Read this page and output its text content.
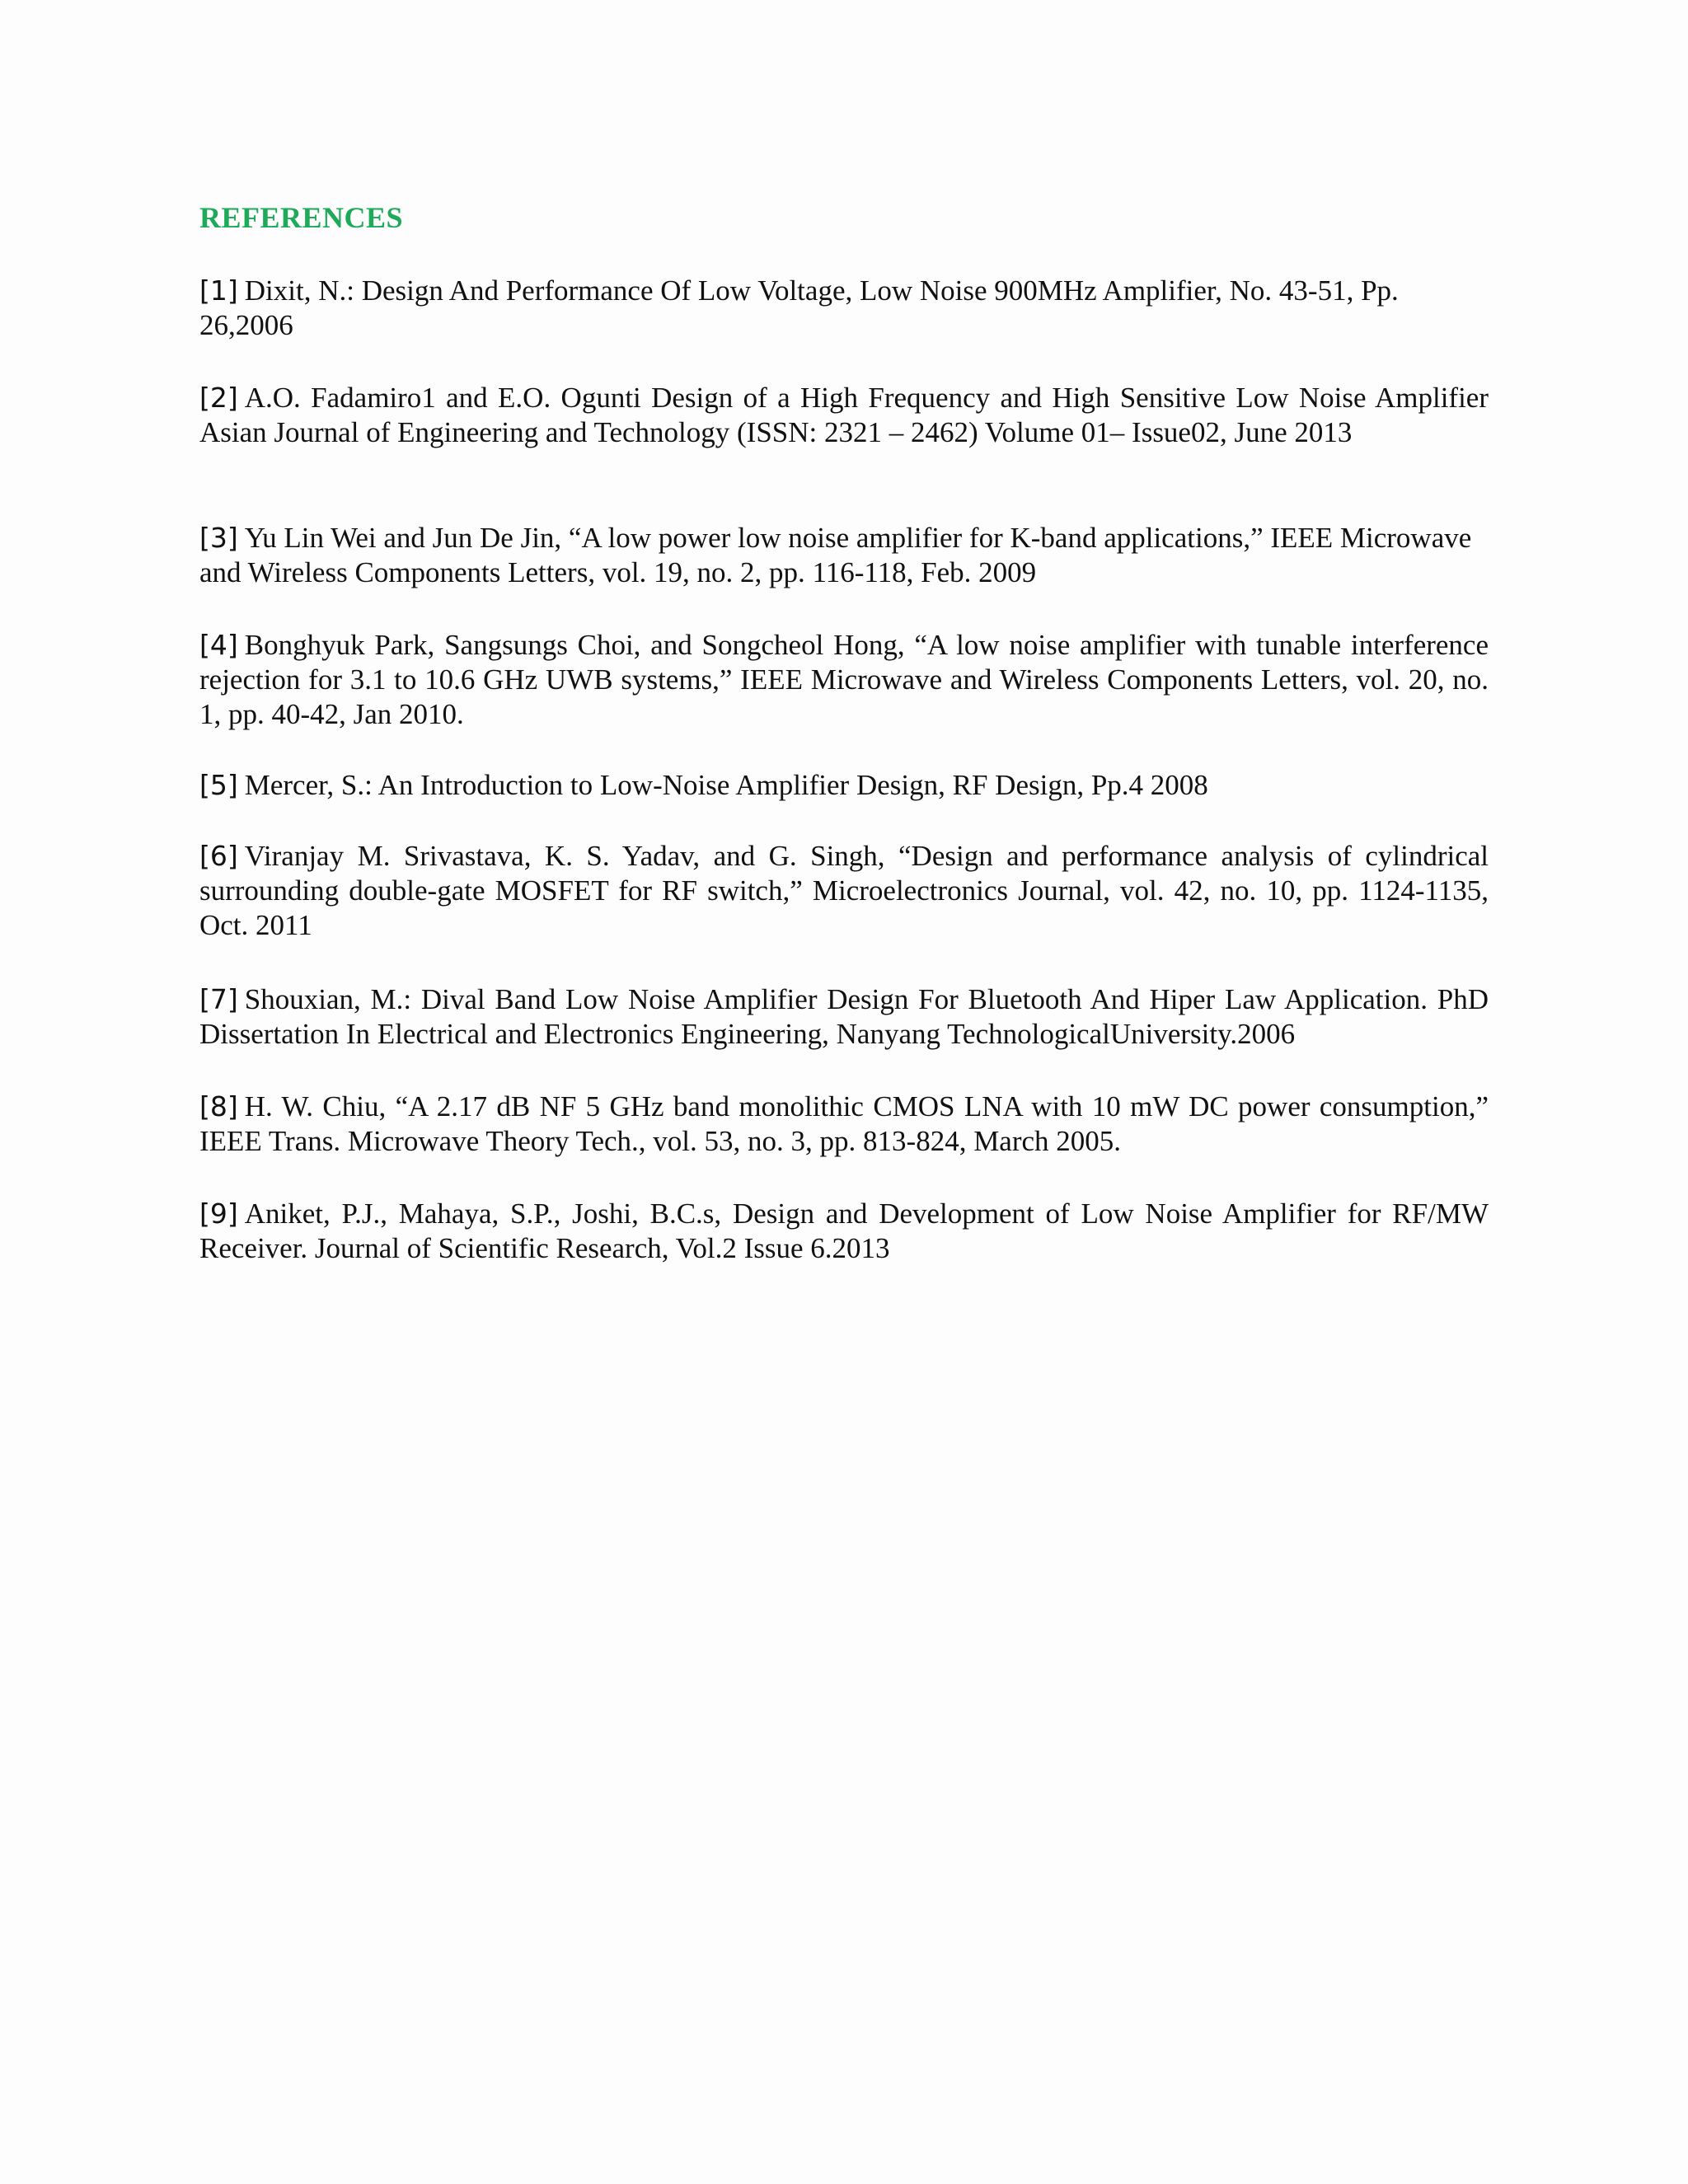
REFERENCES
[1] Dixit, N.: Design And Performance Of Low Voltage, Low Noise 900MHz Amplifier, No. 43-51, Pp. 26,2006
[2] A.O. Fadamiro1 and E.O. Ogunti Design of a High Frequency and High Sensitive Low Noise Amplifier Asian Journal of Engineering and Technology (ISSN: 2321 – 2462) Volume 01– Issue02, June 2013
[3] Yu Lin Wei and Jun De Jin, “A low power low noise amplifier for K-band applications,” IEEE Microwave and Wireless Components Letters, vol. 19, no. 2, pp. 116-118, Feb. 2009
[4] Bonghyuk Park, Sangsungs Choi, and Songcheol Hong, “A low noise amplifier with tunable interference rejection for 3.1 to 10.6 GHz UWB systems,” IEEE Microwave and Wireless Components Letters, vol. 20, no. 1, pp. 40-42, Jan 2010.
[5] Mercer, S.: An Introduction to Low-Noise Amplifier Design, RF Design, Pp.4 2008
[6] Viranjay M. Srivastava, K. S. Yadav, and G. Singh, “Design and performance analysis of cylindrical surrounding double-gate MOSFET for RF switch,” Microelectronics Journal, vol. 42, no. 10, pp. 1124-1135, Oct. 2011
[7] Shouxian, M.: Dival Band Low Noise Amplifier Design For Bluetooth And Hiper Law Application. PhD Dissertation In Electrical and Electronics Engineering, Nanyang TechnologicalUniversity.2006
[8] H. W. Chiu, “A 2.17 dB NF 5 GHz band monolithic CMOS LNA with 10 mW DC power consumption,” IEEE Trans. Microwave Theory Tech., vol. 53, no. 3, pp. 813-824, March 2005.
[9] Aniket, P.J., Mahaya, S.P., Joshi, B.C.s, Design and Development of Low Noise Amplifier for RF/MW Receiver. Journal of Scientific Research, Vol.2 Issue 6.2013
